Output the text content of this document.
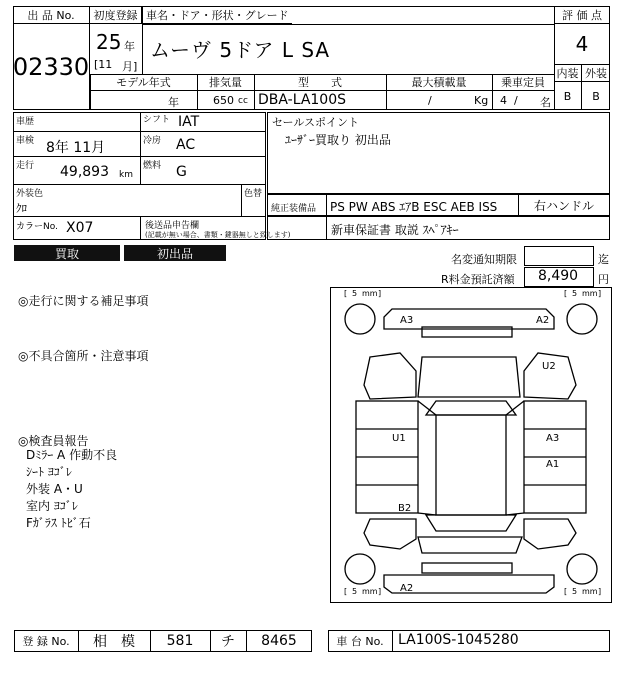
出 品 No.
02330
初度登録
25 年
[11 月]
車名・ドア・形状・グレード
ムーヴ 5ドア L SA
評 価 点
4
内装 外装
B	B
モデル年式	排気量	型　　式	最大積載量	乗車定員
年	650 cc DBA-LA100S	/	Kg 4 / 名
車歴	シフト IAT
車検 8年 11月	冷房 AC
走行 49,893 km
燃料 G
外装色
ｸﾛ
色替
カラーNo. X07	後送品申告欄
(記載が無い場合、書類・鍵器無しと致します)
セールスポイント
ﾕｰｻﾞｰ買取り 初出品
純正装備品 PS PW ABS ｴｱB ESC AEB ISS	右ハンドル
新車保証書 取説 ｽﾍﾟｱｷｰ
買取	初出品	名変通知期限	迄
R料金預託済額 8,490 円
◎走行に関する補足事項
◎不具合箇所・注意事項
◎検査員報告
Dﾐﾗｰ A 作動不良
ｼｰﾄ ﾖｺﾞﾚ
外装 A・U
室内 ﾖｺﾞﾚ
Fｶﾞﾗｽ ﾄﾋﾞ石
[ 5 mm ]	[ 5 mm ]
[ 5 mm ]	[ 5 mm ]
A3	A2
U2
U1	A3
A1
B2
A2
登 録 No.	相　模	581	チ	8465	車 台 No.	LA100S-1045280
